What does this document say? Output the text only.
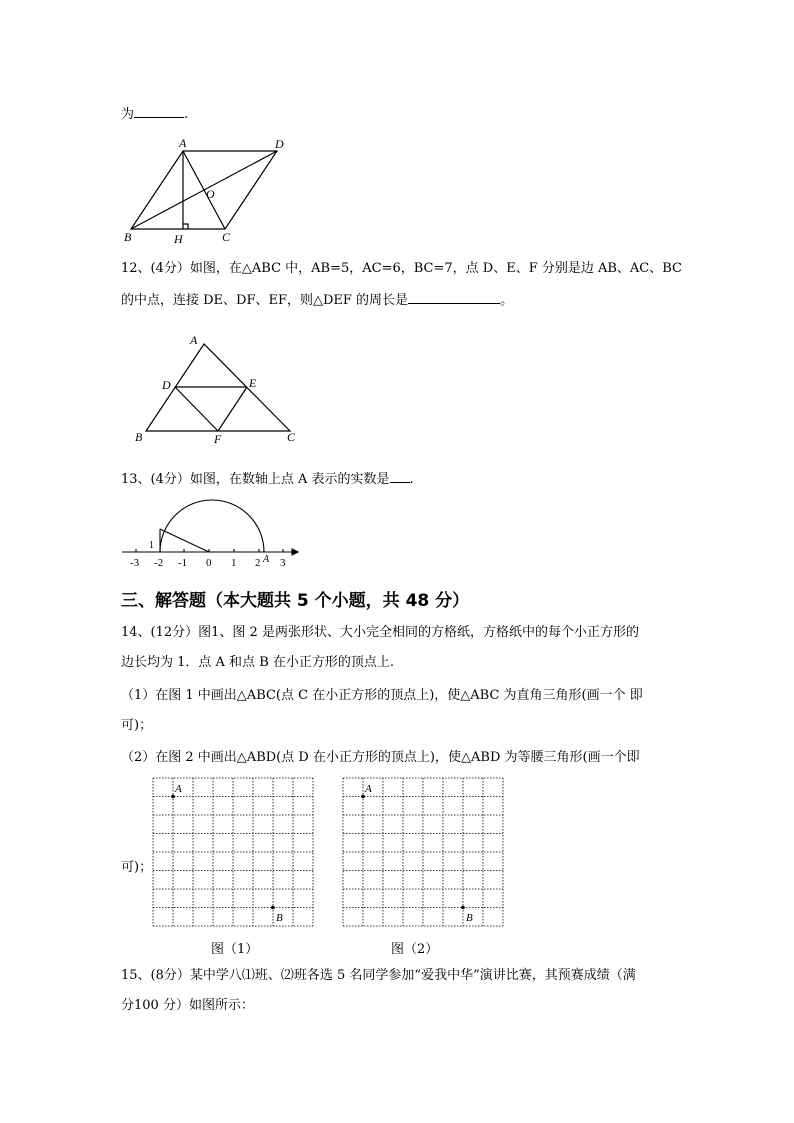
为	.
A	D
O
B	H	C
12、(4分）如图，在△ABC 中，AB=5，AC=6，BC=7，点 D、E、F 分别是边 AB、AC、BC
的中点，连接 DE、DF、EF，则△DEF 的周长是	。
A
D	E
B	F	C
13、(4分）如图，在数轴上点 A 表示的实数是 .
1
-3 -2 -1 0 1 2 3
A
三、解答题（本大题共 5 个小题，共 48 分）
14、(12分）图1、图 2 是两张形状、大小完全相同的方格纸，方格纸中的每个小正方形的
边长均为 1．点 A 和点 B 在小正方形的顶点上.
（1）在图 1 中画出△ABC(点 C 在小正方形的顶点上)，使△ABC 为直角三角形(画一个 即
可)；
（2）在图 2 中画出△ABD(点 D 在小正方形的顶点上)，使△ABD 为等腰三角形(画一个即
可)；
A
B
图（1）
A
B
图（2）
15、(8分）某中学八⑴班、⑵班各选 5 名同学参加“爱我中华”演讲比赛，其预赛成绩（满
分100 分）如图所示：
